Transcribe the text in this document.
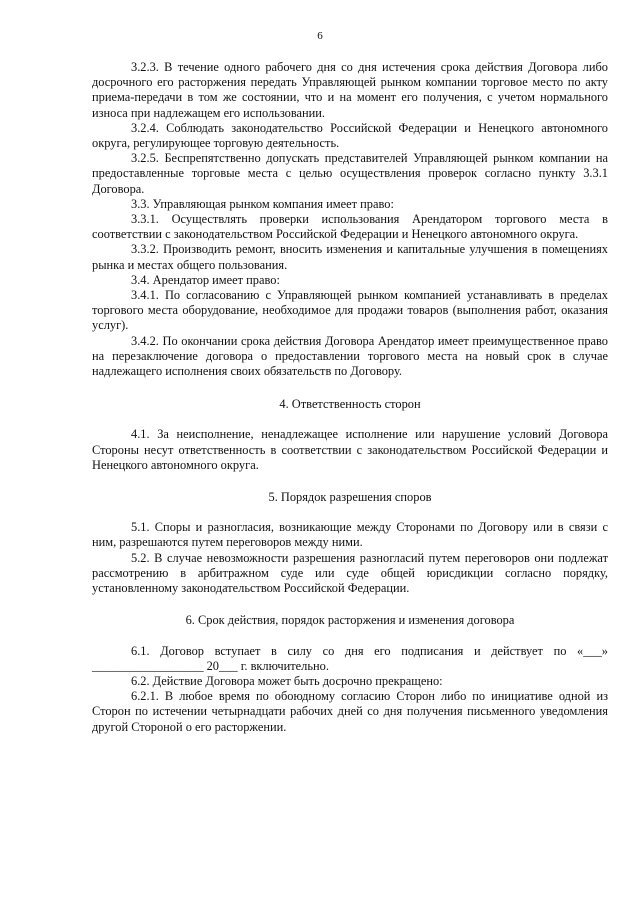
6

3.2.3. В течение одного рабочего дня со дня истечения срока действия Договора либо досрочного его расторжения передать Управляющей рынком компании торговое место по акту приема-передачи в том же состоянии, что и на момент его получения, с учетом нормального износа при надлежащем его использовании.

3.2.4. Соблюдать законодательство Российской Федерации и Ненецкого автономного округа, регулирующее торговую деятельность.

3.2.5. Беспрепятственно допускать представителей Управляющей рынком компании на предоставленные торговые места с целью осуществления проверок согласно пункту 3.3.1 Договора.

3.3. Управляющая рынком компания имеет право:

3.3.1. Осуществлять проверки использования Арендатором торгового места в соответствии с законодательством Российской Федерации и Ненецкого автономного округа.

3.3.2. Производить ремонт, вносить изменения и капитальные улучшения в помещениях рынка и местах общего пользования.

3.4. Арендатор имеет право:

3.4.1. По согласованию с Управляющей рынком компанией устанавливать в пределах торгового места оборудование, необходимое для продажи товаров (выполнения работ, оказания услуг).

3.4.2. По окончании срока действия Договора Арендатор имеет преимущественное право на перезаключение договора о предоставлении торгового места на новый срок в случае надлежащего исполнения своих обязательств по Договору.

4. Ответственность сторон

4.1. За неисполнение, ненадлежащее исполнение или нарушение условий Договора Стороны несут ответственность в соответствии с законодательством Российской Федерации и Ненецкого автономного округа.

5. Порядок разрешения споров

5.1. Споры и разногласия, возникающие между Сторонами по Договору или в связи с ним, разрешаются путем переговоров между ними.

5.2. В случае невозможности разрешения разногласий путем переговоров они подлежат рассмотрению в арбитражном суде или суде общей юрисдикции согласно порядку, установленному законодательством Российской Федерации.

6. Срок действия, порядок расторжения и изменения договора

6.1. Договор вступает в силу со дня его подписания и действует по «___» __________________ 20___ г. включительно.

6.2. Действие Договора может быть досрочно прекращено:

6.2.1. В любое время по обоюдному согласию Сторон либо по инициативе одной из Сторон по истечении четырнадцати рабочих дней со дня получения письменного уведомления другой Стороной о его расторжении.
